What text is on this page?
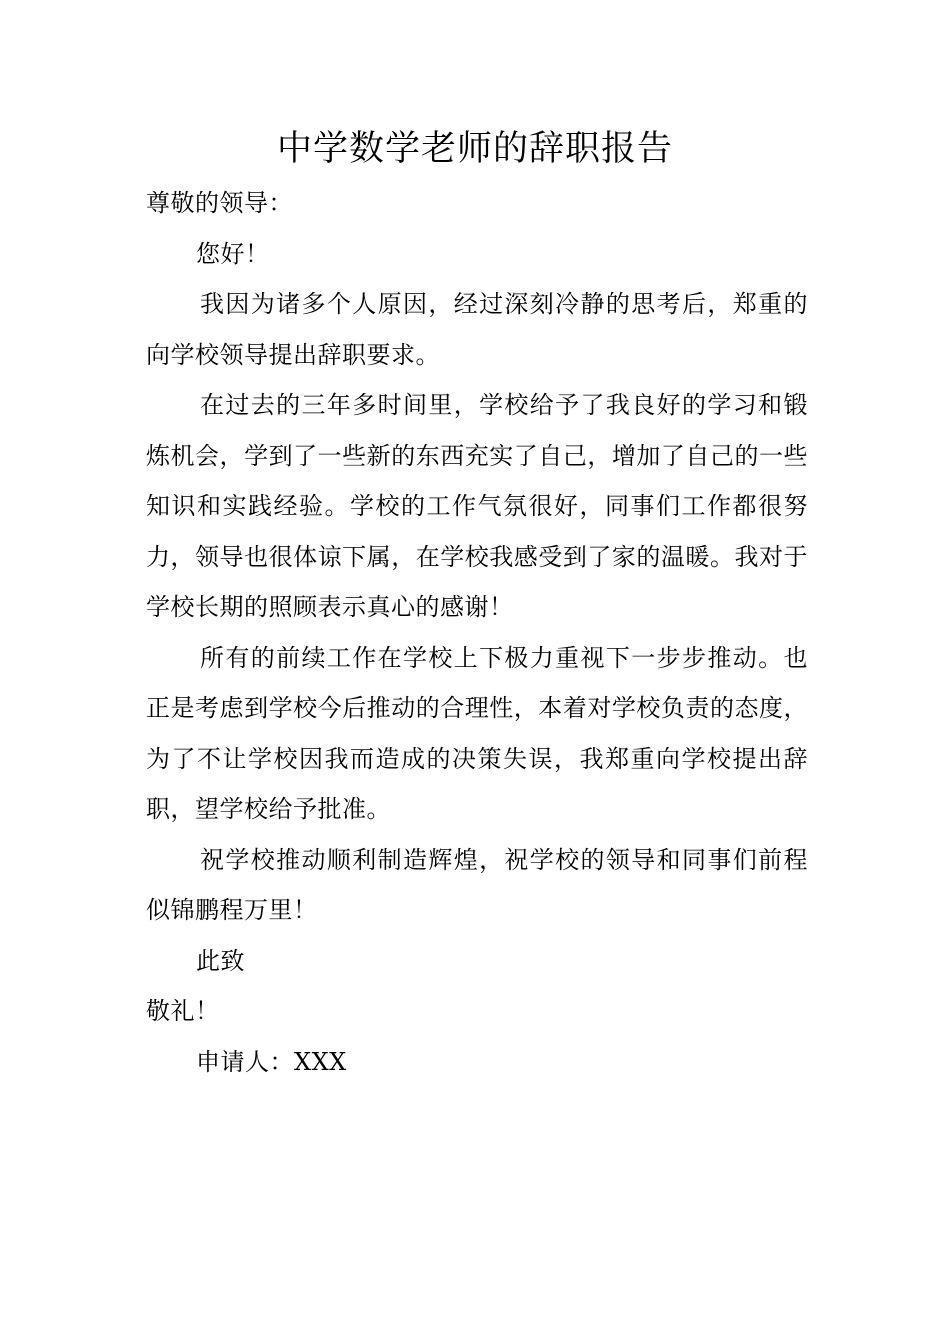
中学数学老师的辞职报告

尊敬的领导：

您好！

我因为诸多个人原因，经过深刻冷静的思考后，郑重的向学校领导提出辞职要求。

在过去的三年多时间里，学校给予了我良好的学习和锻炼机会，学到了一些新的东西充实了自己，增加了自己的一些知识和实践经验。学校的工作气氛很好，同事们工作都很努力，领导也很体谅下属，在学校我感受到了家的温暖。我对于学校长期的照顾表示真心的感谢！

所有的前续工作在学校上下极力重视下一步步推动。也正是考虑到学校今后推动的合理性，本着对学校负责的态度，为了不让学校因我而造成的决策失误，我郑重向学校提出辞职，望学校给予批准。

祝学校推动顺利制造辉煌，祝学校的领导和同事们前程似锦鹏程万里！

此致

敬礼！

申请人：XXX
